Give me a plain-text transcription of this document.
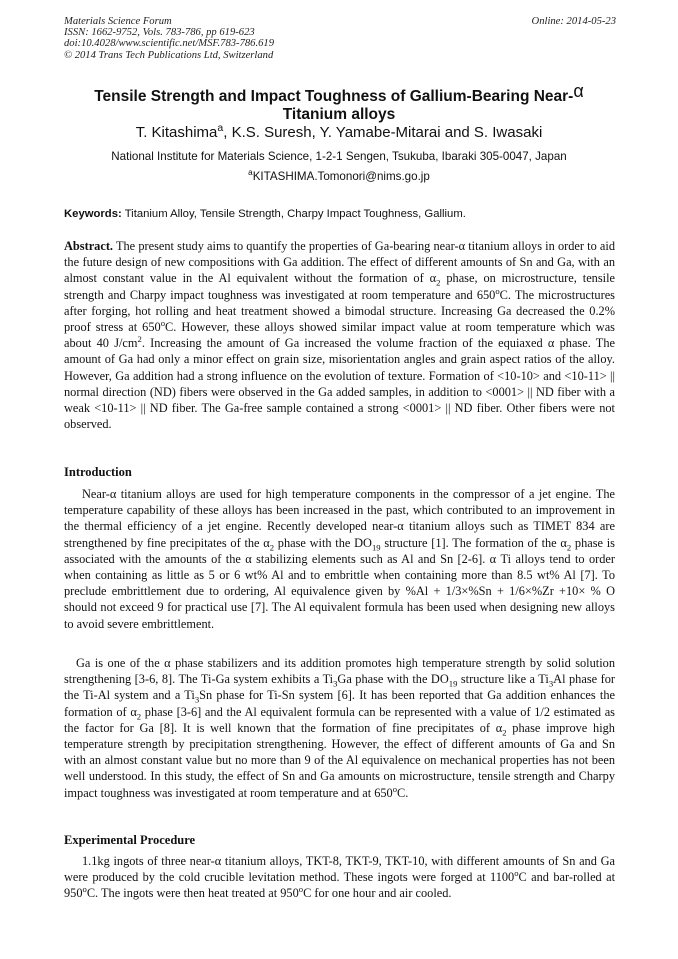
Materials Science Forum
ISSN: 1662-9752, Vols. 783-786, pp 619-623
doi:10.4028/www.scientific.net/MSF.783-786.619
© 2014 Trans Tech Publications Ltd, Switzerland
Online: 2014-05-23
Tensile Strength and Impact Toughness of Gallium-Bearing Near-α
Titanium alloys
T. Kitashima$^a$, K.S. Suresh, Y. Yamabe-Mitarai and S. Iwasaki
National Institute for Materials Science, 1-2-1 Sengen, Tsukuba, Ibaraki 305-0047, Japan
$^a$KITASHIMA.Tomonori@nims.go.jp
Keywords: Titanium Alloy, Tensile Strength, Charpy Impact Toughness, Gallium.

Abstract. The present study aims to quantify the properties of Ga-bearing near-α titanium alloys in order to aid the future design of new compositions with Ga addition. The effect of different amounts of Sn and Ga, with an almost constant value in the Al equivalent without the formation of $\alpha_2$ phase, on microstructure, tensile strength and Charpy impact toughness was investigated at room temperature and 650$^o$C. The microstructures after forging, hot rolling and heat treatment showed a bimodal structure. Increasing Ga decreased the 0.2% proof stress at 650$^o$C. However, these alloys showed similar impact value at room temperature which was about 40 $J/cm^2$. Increasing the amount of Ga increased the volume fraction of the equiaxed α phase. The amount of Ga had only a minor effect on grain size, misorientation angles and grain aspect ratios of the alloy. However, Ga addition had a strong influence on the evolution of texture. Formation of <10-10> and <10-11> || normal direction (ND) fibers were observed in the Ga added samples, in addition to <0001> || ND fiber with a weak <10-11> || ND fiber. The Ga-free sample contained a strong <0001> || ND fiber. Other fibers were not observed.

Introduction

Near-α titanium alloys are used for high temperature components in the compressor of a jet engine. The temperature capability of these alloys has been increased in the past, which contributed to an improvement in the thermal efficiency of a jet engine. Recently developed near-α titanium alloys such as TIMET 834 are strengthened by fine precipitates of the $\alpha_2$ phase with the $DO_{19}$ structure [1]. The formation of the $\alpha_2$ phase is associated with the amounts of the α stabilizing elements such as Al and Sn [2-6]. α Ti alloys tend to order when containing as little as 5 or 6 wt% Al and to embrittle when containing more than 8.5 wt% Al [7]. To preclude embrittlement due to ordering, Al equivalence given by %Al + 1/3×%Sn + 1/6×%Zr +10× % O should not exceed 9 for practical use [7]. The Al equivalent formula has been used when designing new alloys to avoid severe embrittlement.

Ga is one of the α phase stabilizers and its addition promotes high temperature strength by solid solution strengthening [3-6, 8]. The Ti-Ga system exhibits a $Ti_3Ga$ phase with the $DO_{19}$ structure like a $Ti_3Al$ phase for the Ti-Al system and a $Ti_3Sn$ phase for Ti-Sn system [6]. It has been reported that Ga addition enhances the formation of $\alpha_2$ phase [3-6] and the Al equivalent formula can be represented with a value of 1/2 estimated as the factor for Ga [8]. It is well known that the formation of fine precipitates of $\alpha_2$ phase improve high temperature strength by precipitation strengthening. However, the effect of different amounts of Ga and Sn with an almost constant value but no more than 9 of the Al equivalence on mechanical properties has not been well understood. In this study, the effect of Sn and Ga amounts on microstructure, tensile strength and Charpy impact toughness was investigated at room temperature and at 650$^o$C.

Experimental Procedure

1.1kg ingots of three near-α titanium alloys, TKT-8, TKT-9, TKT-10, with different amounts of Sn and Ga were produced by the cold crucible levitation method. These ingots were forged at 1100$^o$C and bar-rolled at 950$^o$C. The ingots were then heat treated at 950$^o$C for one hour and air cooled.
